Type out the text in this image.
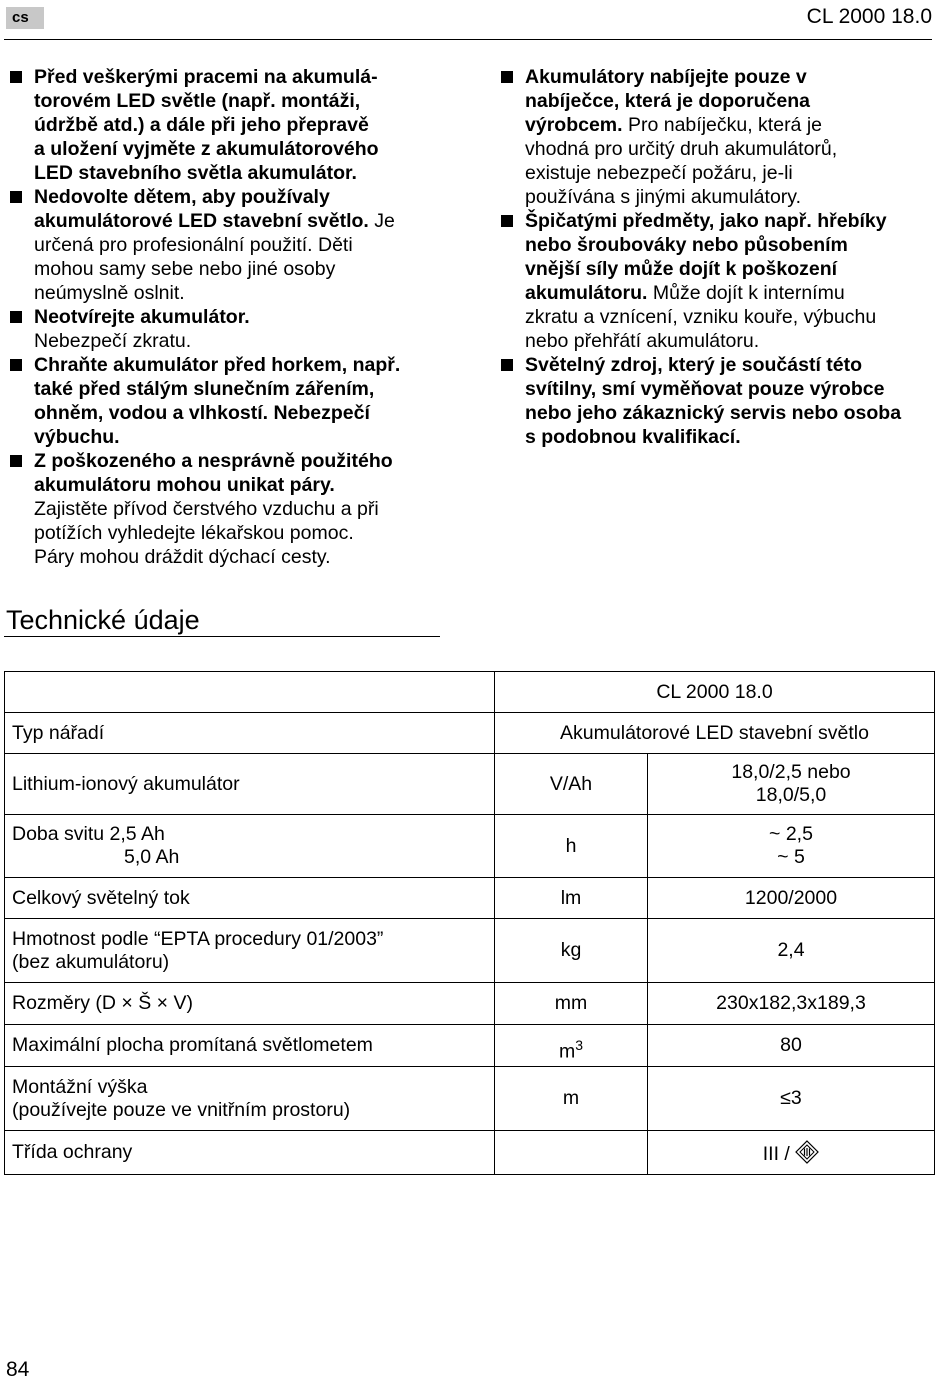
cs	CL 2000 18.0
Před veškerými pracemi na akumulá-
torovém LED světle (např. montáži,
údržbě atd.) a dále při jeho přepravě
a uložení vyjměte z akumulátorového
LED stavebního světla akumulátor.
Nedovolte dětem, aby používaly
akumulátorové LED stavební světlo. Je
určená pro profesionální použití. Děti
mohou samy sebe nebo jiné osoby
neúmyslně oslnit.
Neotvírejte akumulátor.
Nebezpečí zkratu.
Chraňte akumulátor před horkem, např.
také před stálým slunečním zářením,
ohněm, vodou a vlhkostí. Nebezpečí
výbuchu.
Z poškozeného a nesprávně použitého
akumulátoru mohou unikat páry.
Zajistěte přívod čerstvého vzduchu a při
potížích vyhledejte lékařskou pomoc.
Páry mohou dráždit dýchací cesty.
Akumulátory nabíjejte pouze v
nabíječce, která je doporučena
výrobcem. Pro nabíječku, která je
vhodná pro určitý druh akumulátorů,
existuje nebezpečí požáru, je-li
používána s jinými akumulátory.
Špičatými předměty, jako např. hřebíky
nebo šroubováky nebo působením
vnější síly může dojít k poškození
akumulátoru. Může dojít k internímu
zkratu a vznícení, vzniku kouře, výbuchu
nebo přehřátí akumulátoru.
Světelný zdroj, který je součástí této
svítilny, smí vyměňovat pouze výrobce
nebo jeho zákaznický servis nebo osoba
s podobnou kvalifikací.
Technické údaje
	CL 2000 18.0	
Typ nářadí	Akumulátorové LED stavební světlo	
Lithium-ionový akumulátor	V/Ah	18,0/2,5 nebo
18,0/5,0

Doba svitu 2,5 Ah
5,0 Ah	h	~ 2,5
~ 5

Celkový světelný tok	lm	1200/2000
Hmotnost podle “EPTA procedury 01/2003”
(bez akumulátoru)	kg	2,4
Rozměry (D × Š × V)	mm	230x182,3x189,3
Maximální plocha promítaná světlometem	$m^3$	80
Montážní výška
(používejte pouze ve vnitřním prostoru)	m	≤3
Třída ochrany		III /
84
